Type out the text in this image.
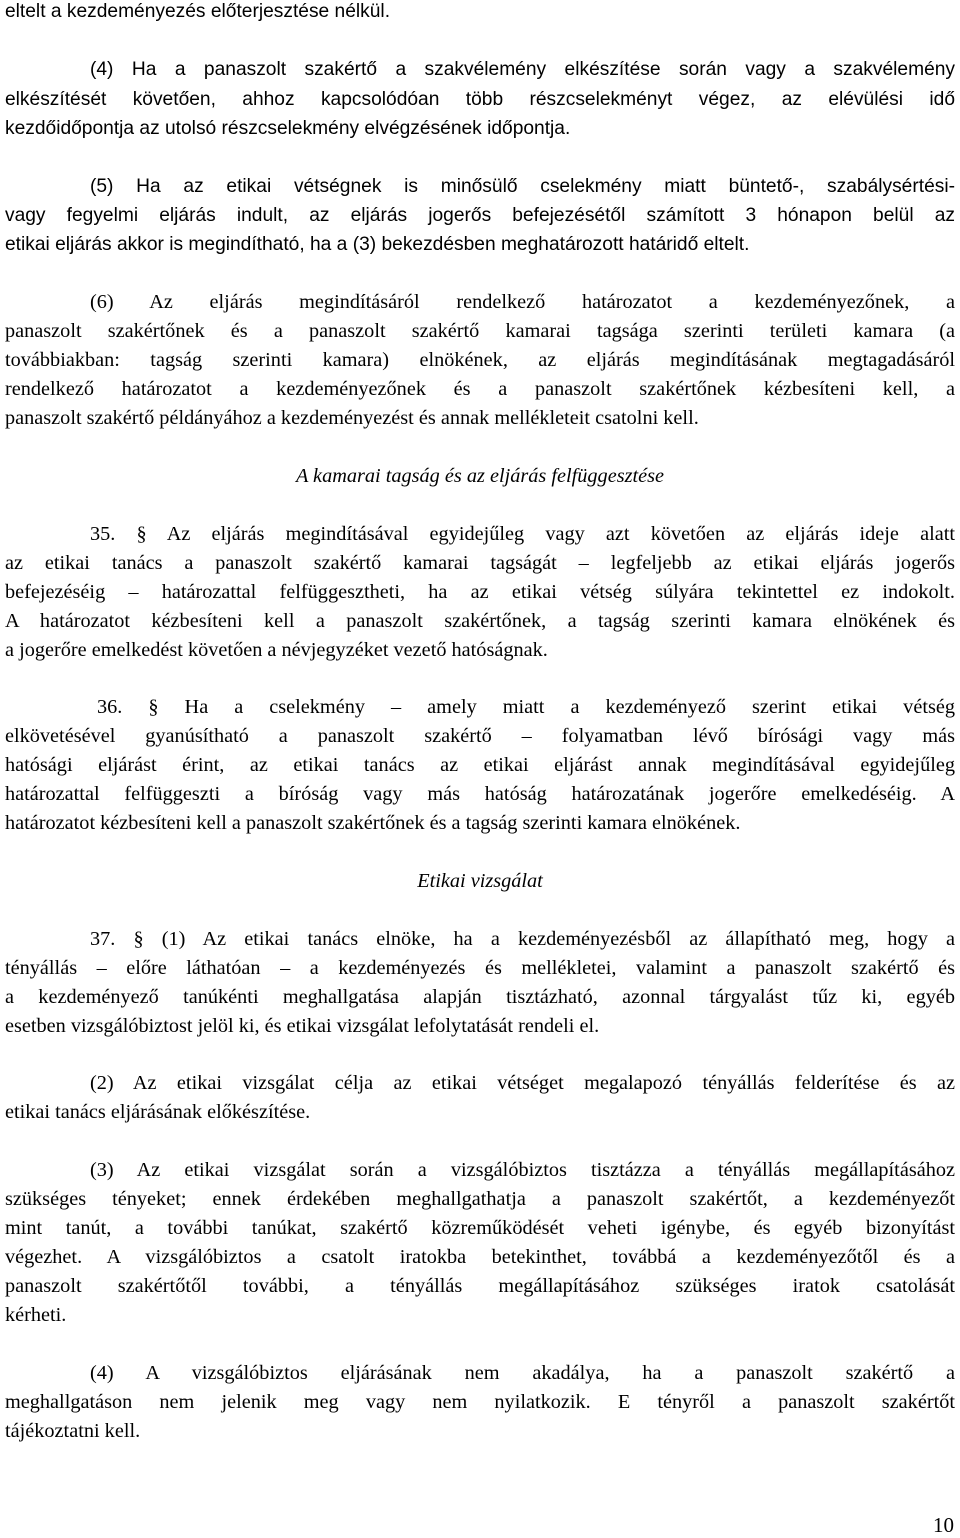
eltelt a kezdeményezés előterjesztése nélkül.
(4) Ha a panaszolt szakértő a szakvélemény elkészítése során vagy a szakvélemény
elkészítését követően, ahhoz kapcsolódóan több részcselekményt végez, az elévülési idő
kezdőidőpontja az utolsó részcselekmény elvégzésének időpontja.
(5) Ha az etikai vétségnek is minősülő cselekmény miatt büntető-, szabálysértési-
vagy fegyelmi eljárás indult, az eljárás jogerős befejezésétől számított 3 hónapon belül az
etikai eljárás akkor is megindítható, ha a (3) bekezdésben meghatározott határidő eltelt.
(6) Az eljárás megindításáról rendelkező határozatot a kezdeményezőnek, a
panaszolt szakértőnek és a panaszolt szakértő kamarai tagsága szerinti területi kamara (a
továbbiakban: tagság szerinti kamara) elnökének, az eljárás megindításának megtagadásáról
rendelkező határozatot a kezdeményezőnek és a panaszolt szakértőnek kézbesíteni kell, a
panaszolt szakértő példányához a kezdeményezést és annak mellékleteit csatolni kell.
A kamarai tagság és az eljárás felfüggesztése
35. § Az eljárás megindításával egyidejűleg vagy azt követően az eljárás ideje alatt
az etikai tanács a panaszolt szakértő kamarai tagságát – legfeljebb az etikai eljárás jogerős
befejezéséig – határozattal felfüggesztheti, ha az etikai vétség súlyára tekintettel ez indokolt.
A határozatot kézbesíteni kell a panaszolt szakértőnek, a tagság szerinti kamara elnökének és
a jogerőre emelkedést követően a névjegyzéket vezető hatóságnak.
36. § Ha a cselekmény – amely miatt a kezdeményező szerint etikai vétség
elkövetésével gyanúsítható a panaszolt szakértő – folyamatban lévő bírósági vagy más
hatósági eljárást érint, az etikai tanács az etikai eljárást annak megindításával egyidejűleg
határozattal felfüggeszti a bíróság vagy más hatóság határozatának jogerőre emelkedéséig. A
határozatot kézbesíteni kell a panaszolt szakértőnek és a tagság szerinti kamara elnökének.
Etikai vizsgálat
37. § (1) Az etikai tanács elnöke, ha a kezdeményezésből az állapítható meg, hogy a
tényállás – előre láthatóan – a kezdeményezés és mellékletei, valamint a panaszolt szakértő és
a kezdeményező tanúkénti meghallgatása alapján tisztázható, azonnal tárgyalást tűz ki, egyéb
esetben vizsgálóbiztost jelöl ki, és etikai vizsgálat lefolytatását rendeli el.
(2) Az etikai vizsgálat célja az etikai vétséget megalapozó tényállás felderítése és az
etikai tanács eljárásának előkészítése.
(3) Az etikai vizsgálat során a vizsgálóbiztos tisztázza a tényállás megállapításához
szükséges tényeket; ennek érdekében meghallgathatja a panaszolt szakértőt, a kezdeményezőt
mint tanút, a további tanúkat, szakértő közreműködését veheti igénybe, és egyéb bizonyítást
végezhet. A vizsgálóbiztos a csatolt iratokba betekinthet, továbbá a kezdeményezőtől és a
panaszolt szakértőtől további, a tényállás megállapításához szükséges iratok csatolását
kérheti.
(4) A vizsgálóbiztos eljárásának nem akadálya, ha a panaszolt szakértő a
meghallgatáson nem jelenik meg vagy nem nyilatkozik. E tényről a panaszolt szakértőt
tájékoztatni kell.
10
